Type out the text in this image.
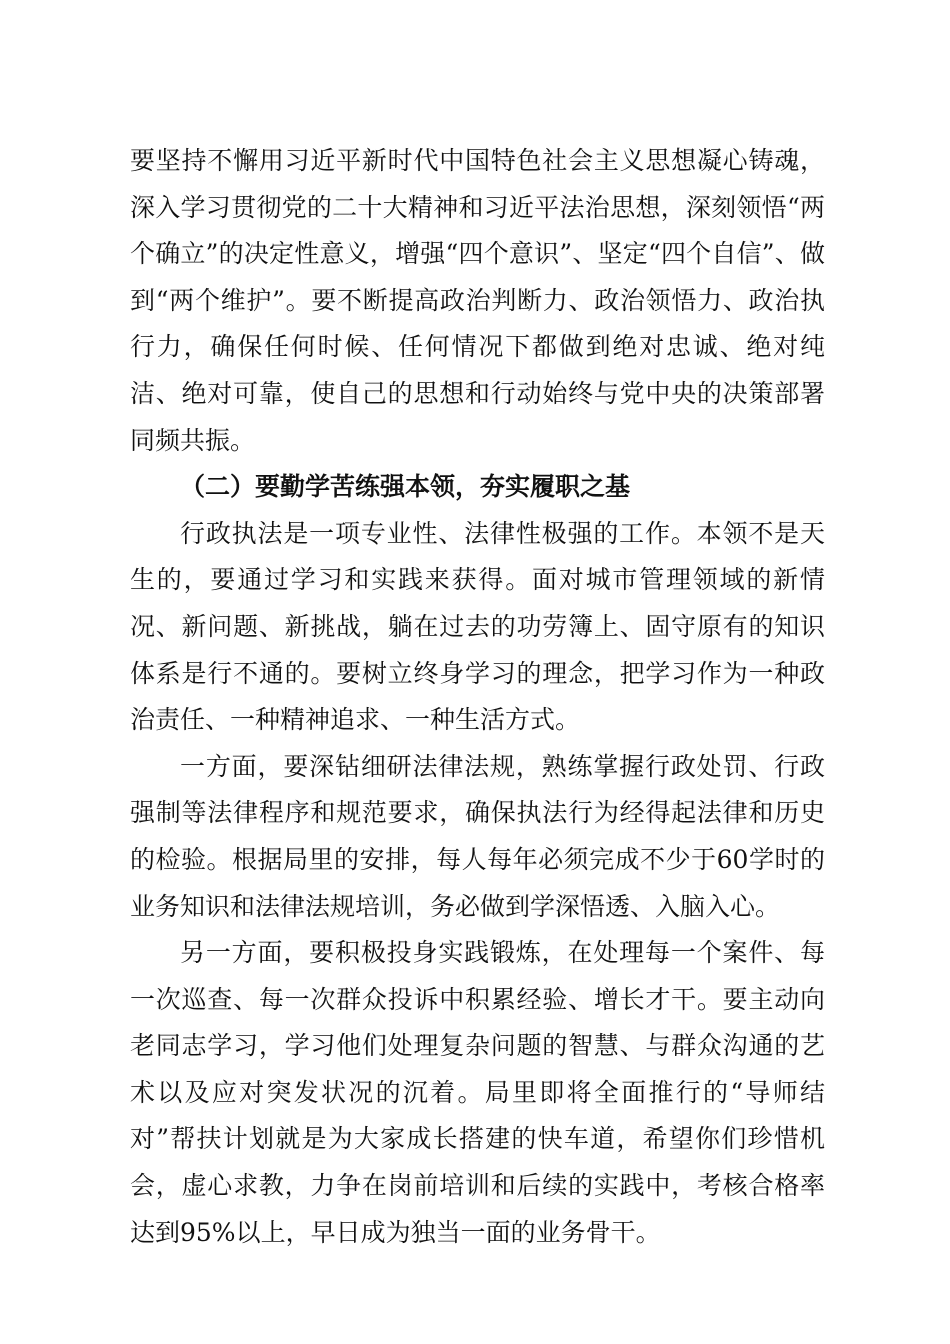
要坚持不懈用习近平新时代中国特色社会主义思想凝心铸魂，深入学习贯彻党的二十大精神和习近平法治思想，深刻领悟“两个确立”的决定性意义，增强“四个意识”、坚定“四个自信”、做到“两个维护”。要不断提高政治判断力、政治领悟力、政治执行力，确保任何时候、任何情况下都做到绝对忠诚、绝对纯洁、绝对可靠，使自己的思想和行动始终与党中央的决策部署同频共振。

（二）要勤学苦练强本领，夯实履职之基

行政执法是一项专业性、法律性极强的工作。本领不是天生的，要通过学习和实践来获得。面对城市管理领域的新情况、新问题、新挑战，躺在过去的功劳簿上、固守原有的知识体系是行不通的。要树立终身学习的理念，把学习作为一种政治责任、一种精神追求、一种生活方式。

一方面，要深钻细研法律法规，熟练掌握行政处罚、行政强制等法律程序和规范要求，确保执法行为经得起法律和历史的检验。根据局里的安排，每人每年必须完成不少于60学时的业务知识和法律法规培训，务必做到学深悟透、入脑入心。

另一方面，要积极投身实践锻炼，在处理每一个案件、每一次巡查、每一次群众投诉中积累经验、增长才干。要主动向老同志学习，学习他们处理复杂问题的智慧、与群众沟通的艺术以及应对突发状况的沉着。局里即将全面推行的“导师结对”帮扶计划就是为大家成长搭建的快车道，希望你们珍惜机会，虚心求教，力争在岗前培训和后续的实践中，考核合格率达到95%以上，早日成为独当一面的业务骨干。
